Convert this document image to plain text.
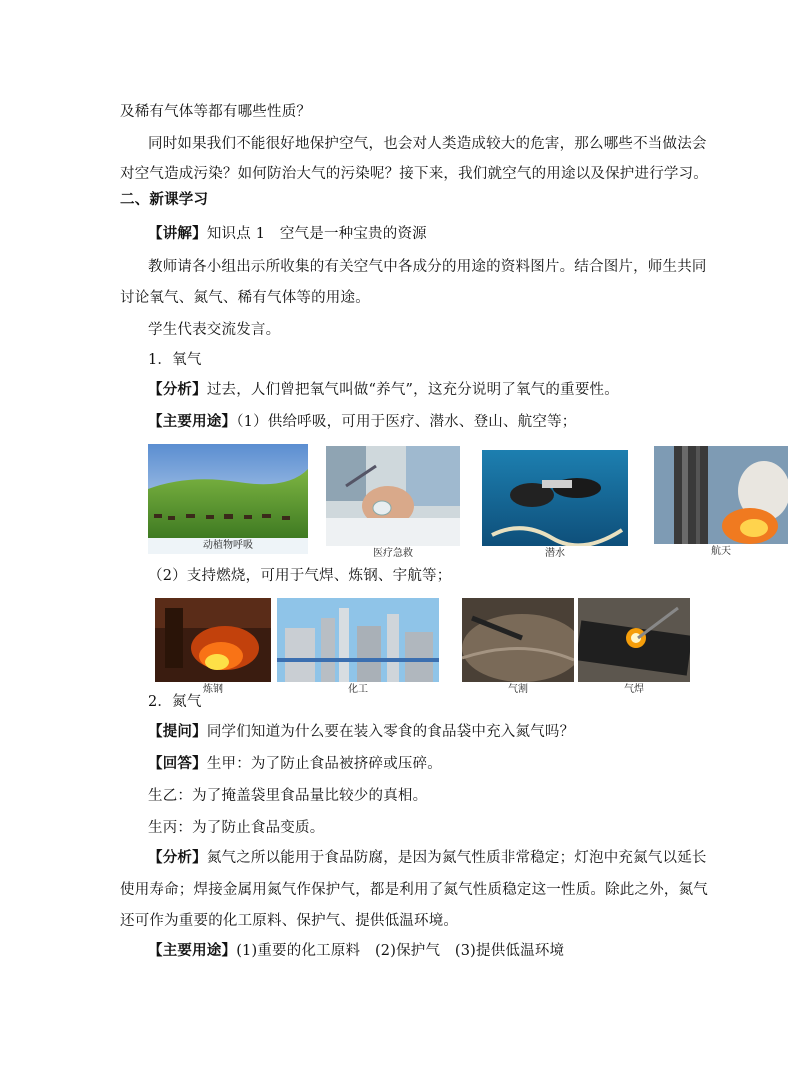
及稀有气体等都有哪些性质？
同时如果我们不能很好地保护空气，也会对人类造成较大的危害，那么哪些不当做法会
对空气造成污染？如何防治大气的污染呢？接下来，我们就空气的用途以及保护进行学习。
二、新课学习
【讲解】知识点 1　空气是一种宝贵的资源
教师请各小组出示所收集的有关空气中各成分的用途的资料图片。结合图片，师生共同
讨论氧气、氮气、稀有气体等的用途。
学生代表交流发言。
1．氧气
【分析】过去，人们曾把氧气叫做“养气”，这充分说明了氧气的重要性。
【主要用途】（1）供给呼吸，可用于医疗、潜水、登山、航空等；
动植物呼吸
医疗急救	潜水	航天
（2）支持燃烧，可用于气焊、炼钢、宇航等；
炼钢	化工	气割	气焊
2．氮气
【提问】同学们知道为什么要在装入零食的食品袋中充入氮气吗？
【回答】生甲：为了防止食品被挤碎或压碎。
生乙：为了掩盖袋里食品量比较少的真相。
生丙：为了防止食品变质。
【分析】氮气之所以能用于食品防腐，是因为氮气性质非常稳定；灯泡中充氮气以延长
使用寿命；焊接金属用氮气作保护气，都是利用了氮气性质稳定这一性质。除此之外，氮气
还可作为重要的化工原料、保护气、提供低温环境。
【主要用途】(1)重要的化工原料　(2)保护气　(3)提供低温环境
